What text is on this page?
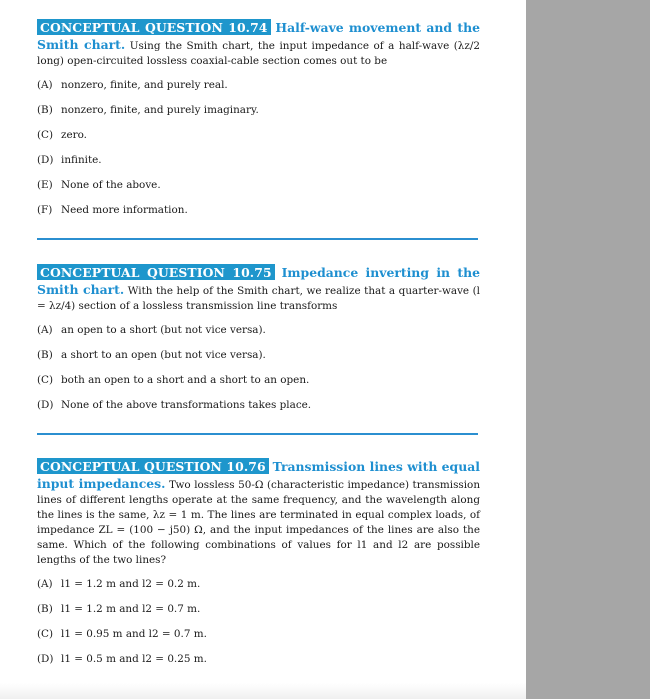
CONCEPTUAL QUESTION 10.74 Half-wave movement and the Smith chart. Using the Smith chart, the input impedance of a half-wave (λz/2 long) open-circuited lossless coaxial-cable section comes out to be
(A) nonzero, finite, and purely real.
(B) nonzero, finite, and purely imaginary.
(C) zero.
(D) infinite.
(E) None of the above.
(F) Need more information.
CONCEPTUAL QUESTION 10.75 Impedance inverting in the Smith chart. With the help of the Smith chart, we realize that a quarter-wave (l = λz/4) section of a lossless transmission line transforms
(A) an open to a short (but not vice versa).
(B) a short to an open (but not vice versa).
(C) both an open to a short and a short to an open.
(D) None of the above transformations takes place.
CONCEPTUAL QUESTION 10.76 Transmission lines with equal input impedances. Two lossless 50-Ω (characteristic impedance) transmission lines of different lengths operate at the same frequency, and the wavelength along the lines is the same, λz = 1 m. The lines are terminated in equal complex loads, of impedance ZL = (100 − j50) Ω, and the input impedances of the lines are also the same. Which of the following combinations of values for l1 and l2 are possible lengths of the two lines?
(A) l1 = 1.2 m and l2 = 0.2 m.
(B) l1 = 1.2 m and l2 = 0.7 m.
(C) l1 = 0.95 m and l2 = 0.7 m.
(D) l1 = 0.5 m and l2 = 0.25 m.
